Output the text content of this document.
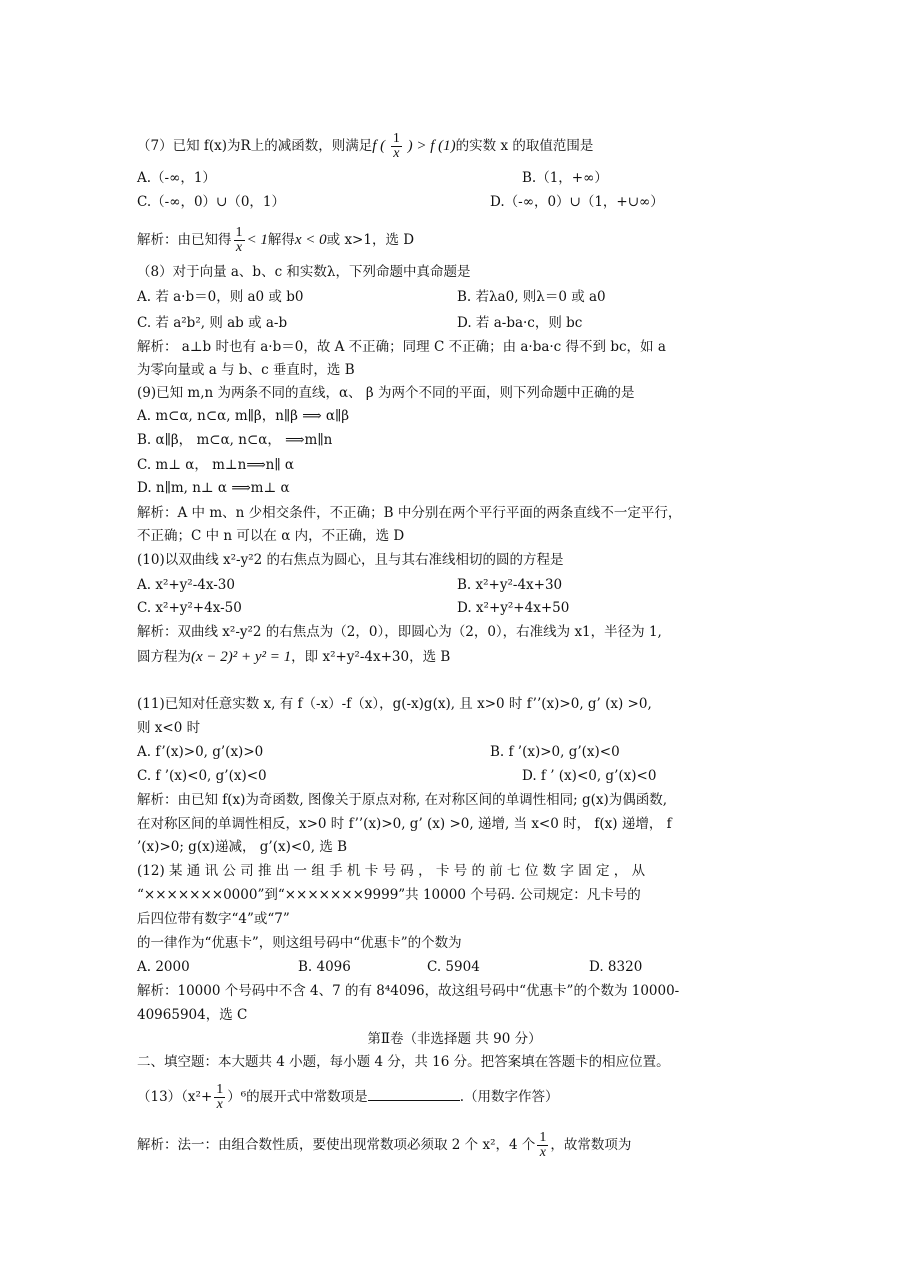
（7）已知 f(x)为R上的减函数，则满足f ( $\frac{1}{x}$ ) > f (1)的实数 x 的取值范围是
A.（-∞，1）	B.（1，+∞）
C.（-∞，0）∪（0，1）	D.（-∞，0）∪（1，+∪∞）
解析：由已知得 $\frac{1}{x} < 1$解得x < 0或 x>1，选 D
（8）对于向量 a、b、c 和实数λ，下列命题中真命题是
A. 若 a·b＝0，则 a0 或 b0	B. 若λa0, 则λ＝0 或 a0
C. 若 a²b², 则 ab 或 a-b	D. 若 a-ba·c，则 bc
解析： a⊥b 时也有 a·b＝0，故 A 不正确；同理 C 不正确；由 a·ba·c 得不到 bc，如 a
为零向量或 a 与 b、c 垂直时，选 B
(9)已知 m,n 为两条不同的直线，α、 β 为两个不同的平面，则下列命题中正确的是
A. m⊂α, n⊂α, m∥β，n∥β ⟹ α∥β
B. α∥β， m⊂α, n⊂α， ⟹m∥n
C. m⊥ α， m⊥n⟹n∥ α
D. n∥m, n⊥ α ⟹m⊥ α
解析：A 中 m、n 少相交条件，不正确；B 中分别在两个平行平面的两条直线不一定平行，
不正确；C 中 n 可以在 α 内，不正确，选 D
(10)以双曲线 x²-y²2 的右焦点为圆心，且与其右准线相切的圆的方程是
A. x²+y²-4x-30	B. x²+y²-4x+30
C. x²+y²+4x-50	D. x²+y²+4x+50
解析：双曲线 x²-y²2 的右焦点为（2，0），即圆心为（2，0），右准线为 x1，半径为 1,
圆方程为(x − 2)² + y² = 1，即 x²+y²-4x+30，选 B
(11)已知对任意实数 x, 有 f（-x）-f（x），g(-x)g(x), 且 x>0 时 f’’(x)>0, g’ (x) >0,
则 x<0 时
A. f’(x)>0, g’(x)>0	B. f ’(x)>0, g’(x)<0
C. f ’(x)<0, g’(x)<0	D. f ’ (x)<0, g’(x)<0
解析：由已知 f(x)为奇函数, 图像关于原点对称, 在对称区间的单调性相同; g(x)为偶函数,
在对称区间的单调性相反，x>0 时 f’’(x)>0, g’ (x) >0, 递增, 当 x<0 时， f(x) 递增， f
’(x)>0; g(x)递减， g’(x)<0, 选 B
(12) 某 通 讯 公 司 推 出 一 组 手 机 卡 号 码 ， 卡 号 的 前 七 位 数 字 固 定 ， 从
“×××××××0000”到“×××××××9999”共 10000 个号码. 公司规定：凡卡号的
后四位带有数字“4”或“7”
的一律作为“优惠卡”，则这组号码中“优惠卡”的个数为
A. 2000	B. 4096	C. 5904	D. 8320
解析：10000 个号码中不含 4、7 的有 8⁴4096，故这组号码中“优惠卡”的个数为 10000-
40965904，选 C
第Ⅱ卷（非选择题 共 90 分）
二、填空题：本大题共 4 小题，每小题 4 分，共 16 分。把答案填在答题卡的相应位置。
$(13)(x^2+ \frac{1}{x} )^6$的展开式中常数项是	.（用数字作答）
解析：法一：由组合数性质，要使出现常数项必须取 2 个 x²，4 个 $\frac{1}{x}$ ，故常数项为
